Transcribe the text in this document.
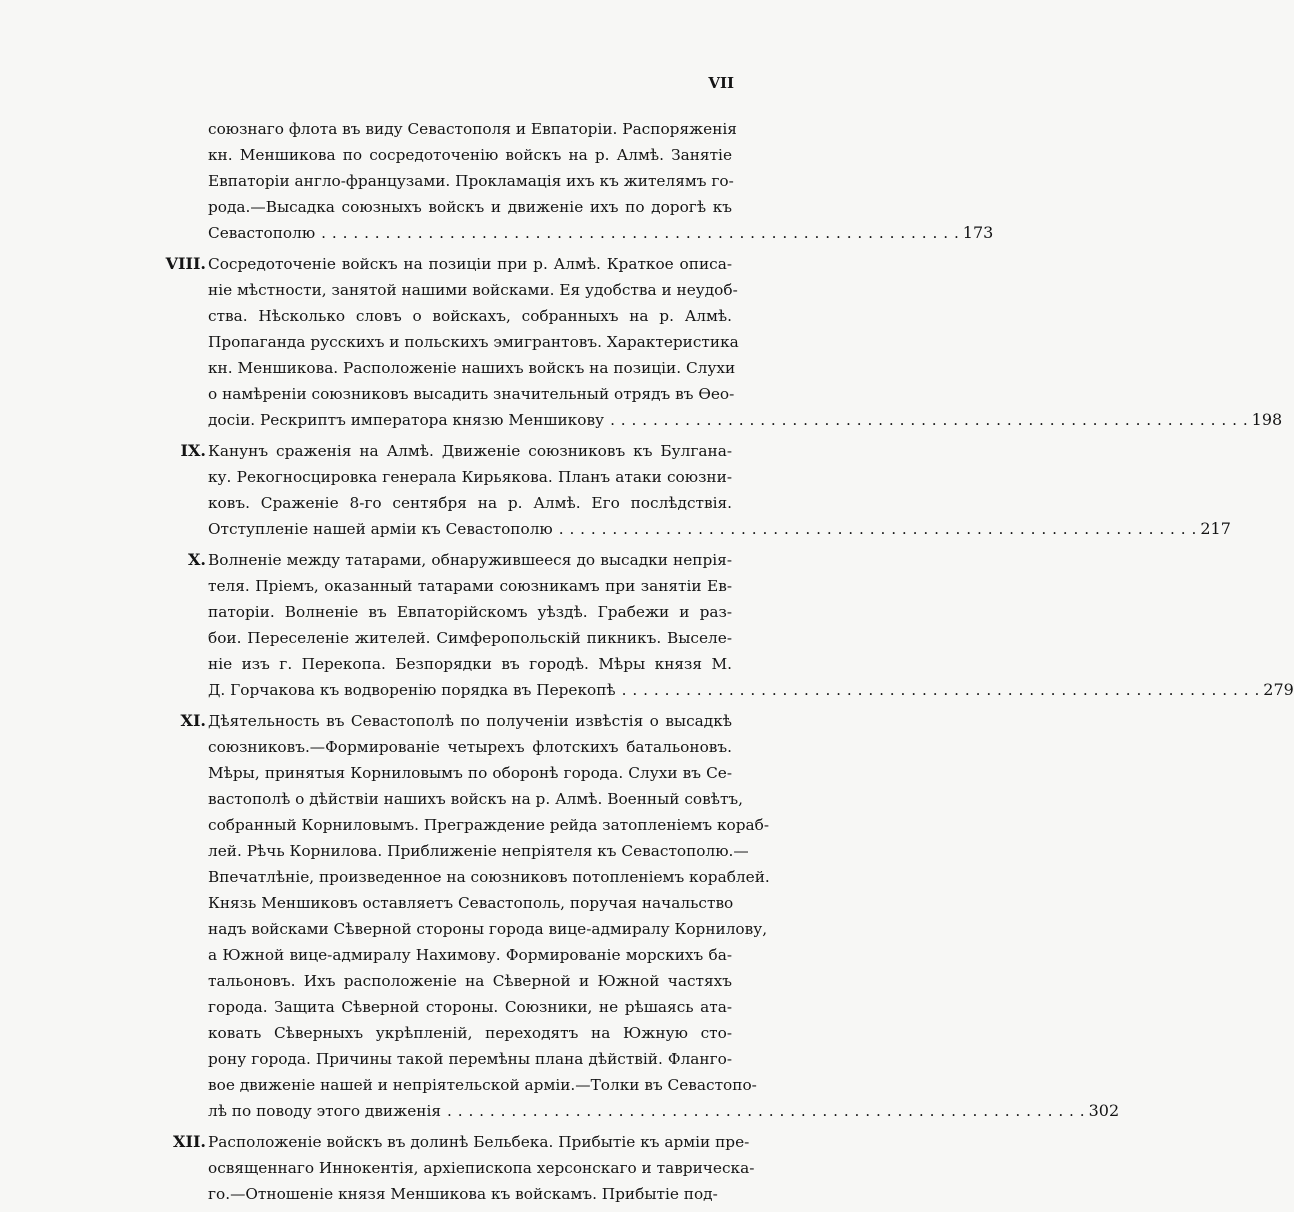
VII
союзнаго флота въ виду Севастополя и Евпаторіи. Распоряженія
кн. Меншикова по сосредоточенію войскъ на р. Алмѣ. Занятіе
Евпаторіи англо-французами. Прокламація ихъ къ жителямъ го-
рода.—Высадка союзныхъ войскъ и движеніе ихъ по дорогѣ къ
Севастополю . . . . . . . . . . . . . . . . . . . . . . . . . . . . . . . . . . . . . . . . . . . . . . . . . . . . . . . . . . . . 173
VIII. Сосредоточеніе войскъ на позиціи при р. Алмѣ. Краткое описа-
ніе мѣстности, занятой нашими войсками. Ея удобства и неудоб-
ства. Нѣсколько словъ о войскахъ, собранныхъ на р. Алмѣ.
Пропаганда русскихъ и польскихъ эмигрантовъ. Характеристика
кн. Меншикова. Расположеніе нашихъ войскъ на позиціи. Слухи
о намѣреніи союзниковъ высадить значительный отрядъ въ Ѳео-
досіи. Рескриптъ императора князю Меншикову . . . . . . . . . . . . . . . . . . . . . . . . . . . . . . . . . . . . . . . . . . . . . . . . . . . . . . . . . . . . 198
IX. Канунъ сраженія на Алмѣ. Движеніе союзниковъ къ Булгана-
ку. Рекогносцировка генерала Кирьякова. Планъ атаки союзни-
ковъ. Сраженіе 8-го сентября на р. Алмѣ. Его послѣдствія.
Отступленіе нашей арміи къ Севастополю . . . . . . . . . . . . . . . . . . . . . . . . . . . . . . . . . . . . . . . . . . . . . . . . . . . . . . . . . . . . 217
X. Волненіе между татарами, обнаружившееся до высадки непрія-
теля. Пріемъ, оказанный татарами союзникамъ при занятіи Ев-
паторіи. Волненіе въ Евпаторійскомъ уѣздѣ. Грабежи и раз-
бои. Переселеніе жителей. Симферопольскій пикникъ. Выселе-
ніе изъ г. Перекопа. Безпорядки въ городѣ. Мѣры князя М.
Д. Горчакова къ водворенію порядка въ Перекопѣ . . . . . . . . . . . . . . . . . . . . . . . . . . . . . . . . . . . . . . . . . . . . . . . . . . . . . . . . . . . . 279
XI. Дѣятельность въ Севастополѣ по полученіи извѣстія о высадкѣ
союзниковъ.—Формированіе четырехъ флотскихъ батальоновъ.
Мѣры, принятыя Корниловымъ по оборонѣ города. Слухи въ Се-
вастополѣ о дѣйствіи нашихъ войскъ на р. Алмѣ. Военный совѣтъ,
собранный Корниловымъ. Преграждение рейда затопленіемъ кораб-
лей. Рѣчь Корнилова. Приближеніе непріятеля къ Севастополю.—
Впечатлѣніе, произведенное на союзниковъ потопленіемъ кораблей.
Князь Меншиковъ оставляетъ Севастополь, поручая начальство
надъ войсками Сѣверной стороны города вице-адмиралу Корнилову,
а Южной вице-адмиралу Нахимову. Формированіе морскихъ ба-
тальоновъ. Ихъ расположеніе на Сѣверной и Южной частяхъ
города. Защита Сѣверной стороны. Союзники, не рѣшаясь ата-
ковать Сѣверныхъ укрѣпленій, переходятъ на Южную сто-
рону города. Причины такой перемѣны плана дѣйствій. Фланго-
вое движеніе нашей и непріятельской арміи.—Толки въ Севастопо-
лѣ по поводу этого движенія . . . . . . . . . . . . . . . . . . . . . . . . . . . . . . . . . . . . . . . . . . . . . . . . . . . . . . . . . . . . 302
XII. Расположеніе войскъ въ долинѣ Бельбека. Прибытіе къ арміи пре-
освященнаго Иннокентія, архіепископа херсонскаго и таврическа-
го.—Отношеніе князя Меншикова къ войскамъ. Прибытіе под-
